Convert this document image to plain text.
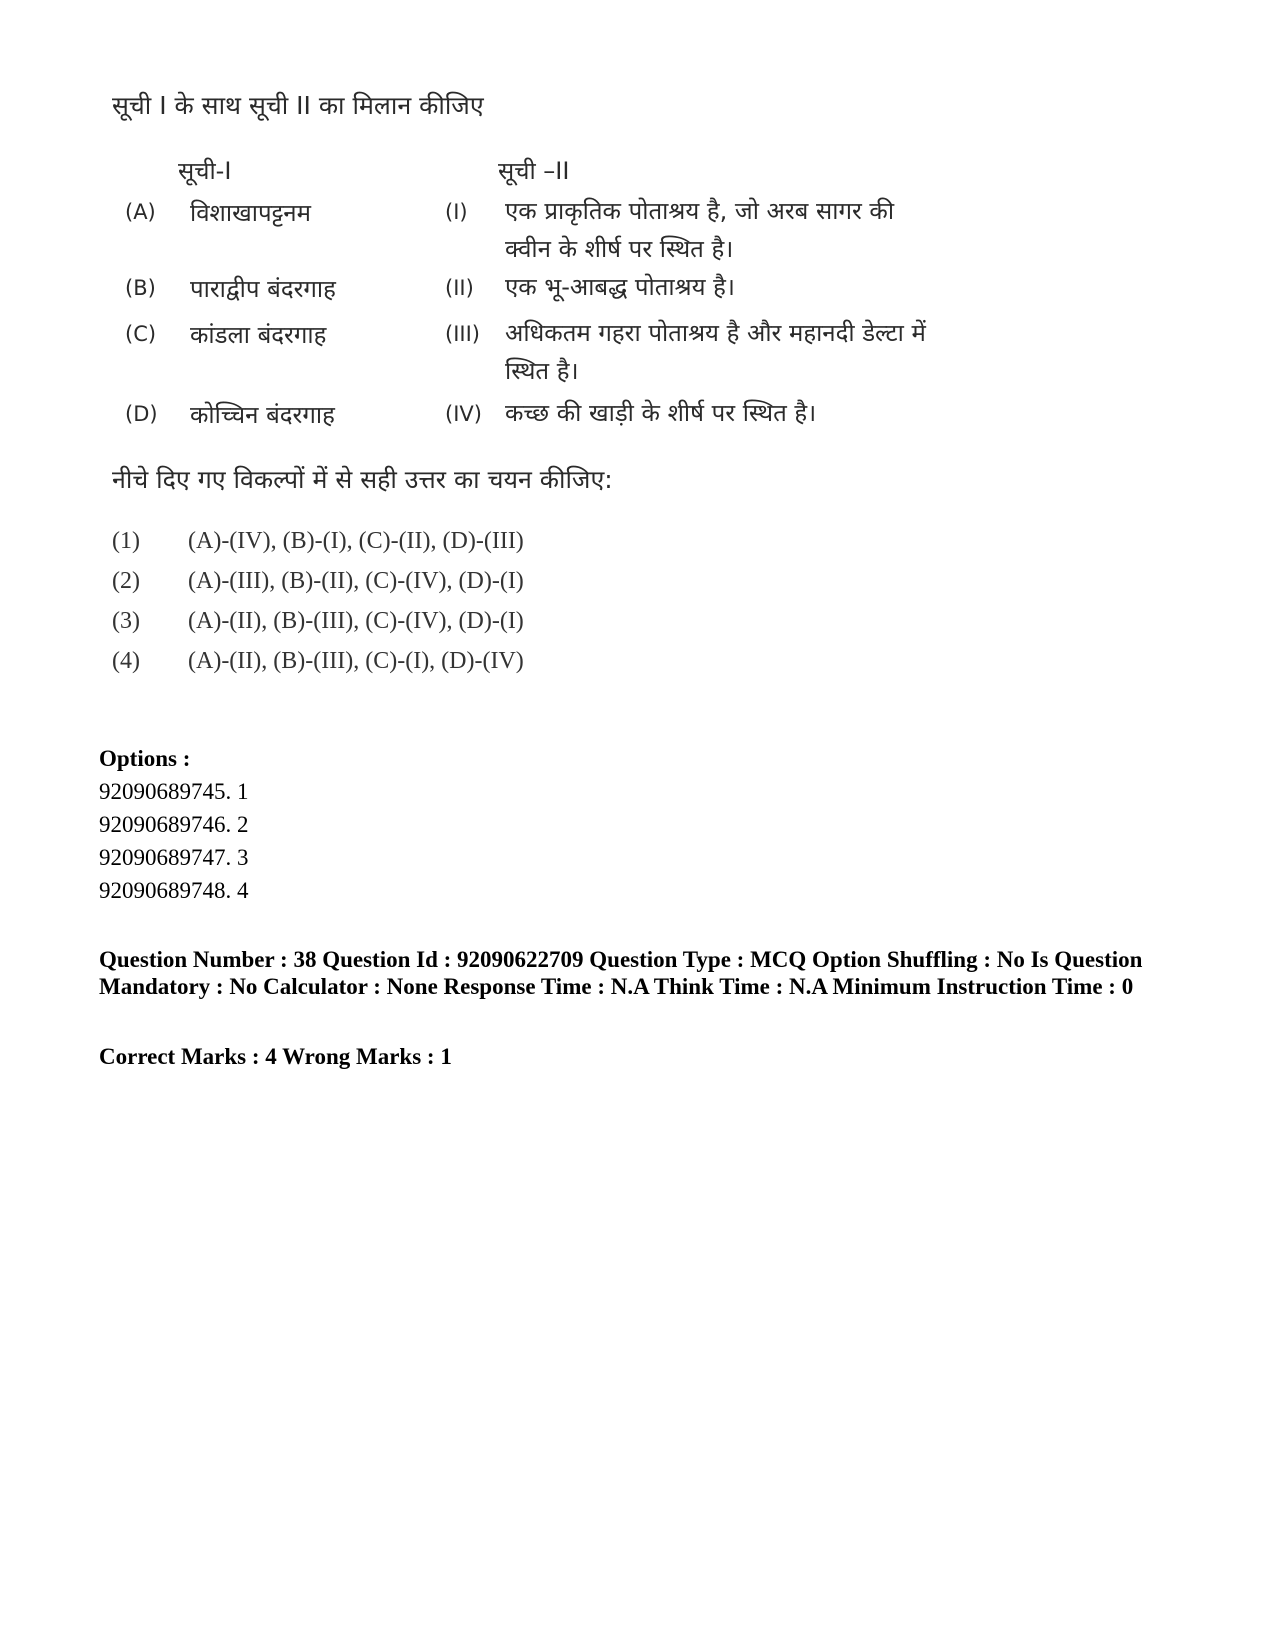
सूची I के साथ सूची II का मिलान कीजिए
सूची-I	सूची –II
(A) विशाखापट्टनम	(I) एक प्राकृतिक पोताश्रय है, जो अरब सागर की क्वीन के शीर्ष पर स्थित है।
(B) पाराद्वीप बंदरगाह	(II) एक भू-आबद्ध पोताश्रय है।
(C) कांडला बंदरगाह	(III) अधिकतम गहरा पोताश्रय है और महानदी डेल्टा में स्थित है।
(D) कोच्चिन बंदरगाह	(IV) कच्छ की खाड़ी के शीर्ष पर स्थित है।
नीचे दिए गए विकल्पों में से सही उत्तर का चयन कीजिए:
(1) (A)-(IV), (B)-(I), (C)-(II), (D)-(III)
(2) (A)-(III), (B)-(II), (C)-(IV), (D)-(I)
(3) (A)-(II), (B)-(III), (C)-(IV), (D)-(I)
(4) (A)-(II), (B)-(III), (C)-(I), (D)-(IV)
Options :
92090689745. 1
92090689746. 2
92090689747. 3
92090689748. 4
Question Number : 38 Question Id : 92090622709 Question Type : MCQ Option Shuffling : No Is Question Mandatory : No Calculator : None Response Time : N.A Think Time : N.A Minimum Instruction Time : 0
Correct Marks : 4 Wrong Marks : 1
